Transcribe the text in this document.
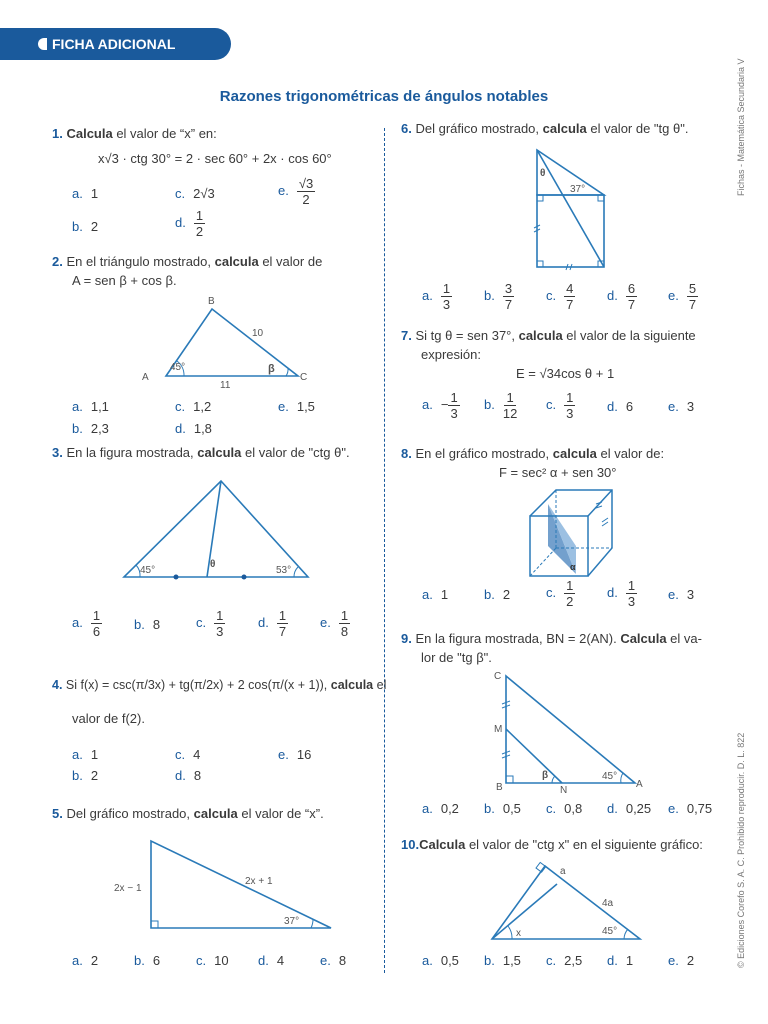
FICHA ADICIONAL
Razones trigonométricas de ángulos notables	Fichas - Matemática Secundaria V
© Ediciones Corefo S. A. C. Prohibido reproducir. D. L. 822
1. Calcula el valor de “x” en:
x√3 · ctg 30° = 2 · sec 60° + 2x · cos 60°
a. 1
b. 2
c. 2√3
d. $\frac{1}{2}$
e. $\frac{√3}{2}$
2. En el triángulo mostrado, calcula el valor de
A = sen β + cos β.
B
A	C
10
11
45°	β
a. 1,1
b. 2,3
c. 1,2
d. 1,8
e. 1,5
3. En la figura mostrada, calcula el valor de "ctg θ".
45°
θ
53°
a. $\frac{1}{6} b$. 8	c. $\frac{1}{3}$	d. $\frac{1}{7} e$. $\frac{1}{8}$
4. Si f(x) = csc(π/3x) + tg(π/2x) + 2 cos(π/(x + 1)), calcula el
valor de f(2).
a. 1
b. 2
c. 4
d. 8
e. 16
5. Del gráfico mostrado, calcula el valor de “x”.
2x − 1
2x + 1
37°
a. 2	b. 6	c. 10 d. 4	e. 8
6. Del gráfico mostrado, calcula el valor de "tg θ".
θ
37°
a. $\frac{1}{3} b$. $\frac{3}{7} c$. $\frac{4}{7} d$. $\frac{6}{7} e$. $\frac{5}{7}$
7. Si tg θ = sen 37°, calcula el valor de la siguiente
expresión:
E = √34cos θ + 1
a. − $\frac{1}{3} b$. $\frac{1}{12} c$. $\frac{1}{3} d$. 6	e. 3
8. En el gráfico mostrado, calcula el valor de:
F = sec² α + sen 30°
α
a. 1	b. 2	c. $\frac{1}{2} d$. $\frac{1}{3} e$. 3
9. En la figura mostrada, BN = 2(AN). Calcula el va-
lor de "tg β".
C
M
B	N
A
β	45°
a. 0,2 b. 0,5 c. 0,8 d. 0,25 e. 0,75
10.Calcula el valor de "ctg x" en el siguiente gráfico:
a
4a
x	45°
a. 0,5 b. 1,5 c. 2,5 d. 1	e. 2
